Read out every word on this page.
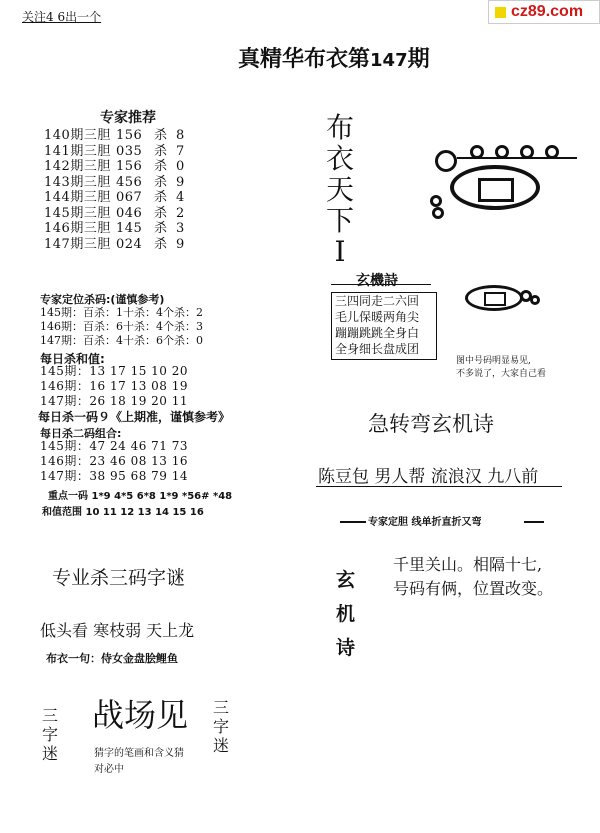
cz89.com
关注4 6出一个
真精华布衣第147期
专家推荐
140期三胆 156 杀 8
141期三胆 035 杀 7
142期三胆 156 杀 0
143期三胆 456 杀 9
144期三胆 067 杀 4
145期三胆 046 杀 2
146期三胆 145 杀 3
147期三胆 024 杀 9
专家定位杀码:(谨慎参考)
145期：百杀：1十杀：4个杀：2
146期：百杀：6十杀：4个杀：3
147期：百杀：4十杀：6个杀：0
每日杀和值:
145期：13 17 15 10 20
146期：16 17 13 08 19
147期：26 18 19 20 11
每日杀一码９《上期准，谨慎参考》
每日杀二码组合:
145期：47 24 46 71 73
146期：23 46 08 13 16
147期：38 95 68 79 14
重点一码 1*9 4*5 6*8 1*9 *56# *48
和值范围 10 11 12 13 14 15 16
布
衣
天
下
I
玄機詩
三四同走二六回
毛儿保暖两角尖
蹦蹦跳跳全身白
全身细长盘成团
图中号码明显易见,
不多说了，大家自己看
急转弯玄机诗
陈豆包 男人帮 流浪汉 九八前
专家定胆 线单折直折又弯
专业杀三码字谜
低头看 寒枝弱 天上龙
布衣一句：侍女金盘脍鲤鱼
玄
机
诗
千里关山。相隔十七,
号码有俩，位置改变。
三
字
迷
战场见 三
字
迷
猜字的笔画和含义猜
对必中
